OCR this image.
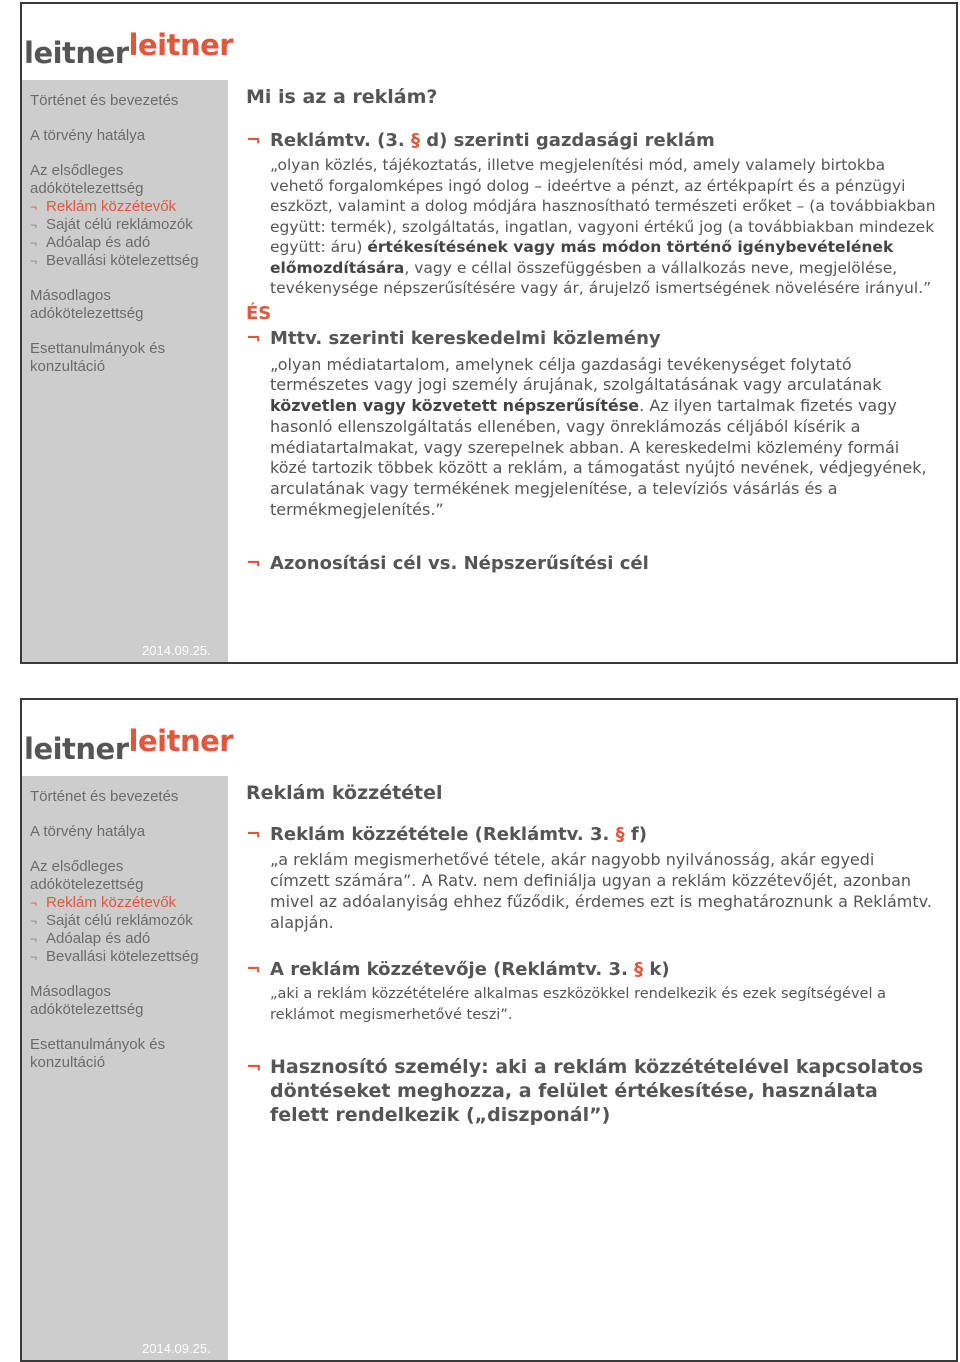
leitnerleitner
Történet és bevezetés
A törvény hatálya
Az elsődleges adókötelezettség
¬ Reklám közzétevők
¬ Saját célú reklámozók
¬ Adóalap és adó
¬ Bevallási kötelezettség
Másodlagos adókötelezettség
Esettanulmányok és konzultáció
2014.09.25.
Mi is az a reklám?
¬ Reklámtv. (3. § d) szerinti gazdasági reklám
„olyan közlés, tájékoztatás, illetve megjelenítési mód, amely valamely birtokba vehető forgalomképes ingó dolog – ideértve a pénzt, az értékpapírt és a pénzügyi eszközt, valamint a dolog módjára hasznosítható természeti erőket – (a továbbiakban együtt: termék), szolgáltatás, ingatlan, vagyoni értékű jog (a továbbiakban mindezek együtt: áru) értékesítésének vagy más módon történő igénybevételének előmozdítására, vagy e céllal összefüggésben a vállalkozás neve, megjelölése, tevékenysége népszerűsítésére vagy ár, árujelző ismertségének növelésére irányul.”
ÉS
¬ Mttv. szerinti kereskedelmi közlemény
„olyan médiatartalom, amelynek célja gazdasági tevékenységet folytató természetes vagy jogi személy árujának, szolgáltatásának vagy arculatának közvetlen vagy közvetett népszerűsítése. Az ilyen tartalmak fizetés vagy hasonló ellenszolgáltatás ellenében, vagy önreklámozás céljából kísérik a médiatartalmakat, vagy szerepelnek abban. A kereskedelmi közlemény formái közé tartozik többek között a reklám, a támogatást nyújtó nevének, védjegyének, arculatának vagy termékének megjelenítése, a televíziós vásárlás és a termékmegjelenítés.”
¬ Azonosítási cél vs. Népszerűsítési cél
leitnerleitner
Történet és bevezetés
A törvény hatálya
Az elsődleges adókötelezettség
¬ Reklám közzétevők
¬ Saját célú reklámozók
¬ Adóalap és adó
¬ Bevallási kötelezettség
Másodlagos adókötelezettség
Esettanulmányok és konzultáció
2014.09.25.
Reklám közzététel
¬ Reklám közzététele (Reklámtv. 3. § f)
„a reklám megismerhetővé tétele, akár nagyobb nyilvánosság, akár egyedi címzett számára”. A Ratv. nem definiálja ugyan a reklám közzétevőjét, azonban mivel az adóalanyiság ehhez fűződik, érdemes ezt is meghatároznunk a Reklámtv. alapján.
¬ A reklám közzétevője (Reklámtv. 3. § k)
„aki a reklám közzétételére alkalmas eszközökkel rendelkezik és ezek segítségével a reklámot megismerhetővé teszi”.
¬ Hasznosító személy: aki a reklám közzétételével kapcsolatos döntéseket meghozza, a felület értékesítése, használata felett rendelkezik („diszponál”)
